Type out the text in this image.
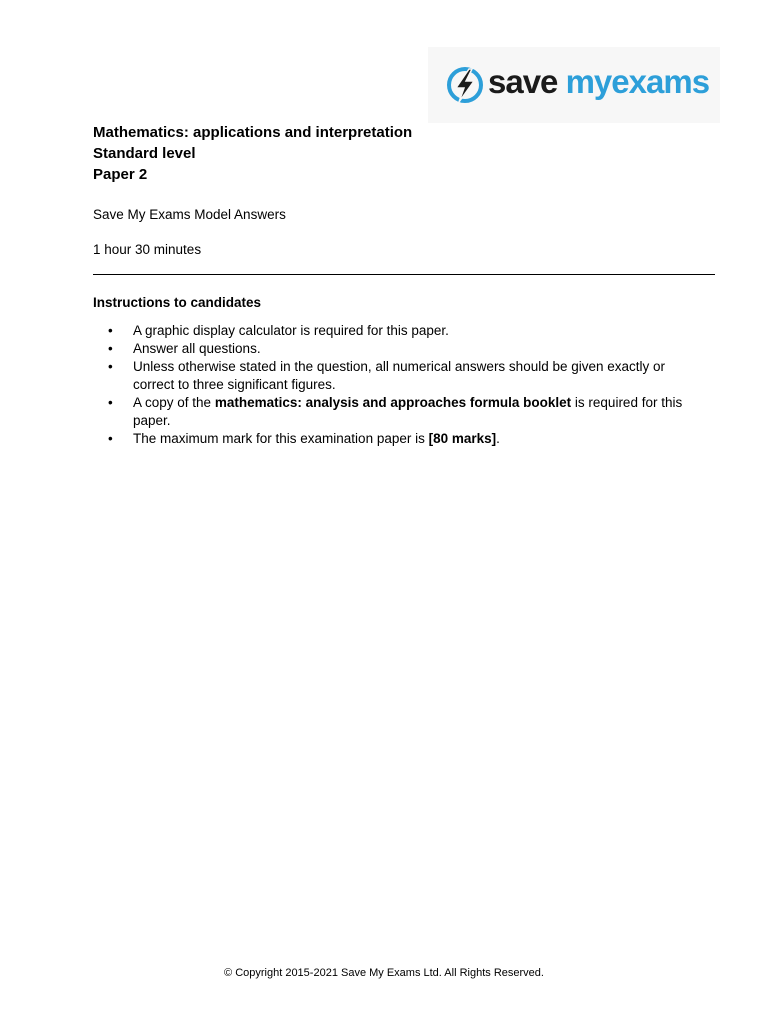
save myexams
Mathematics: applications and interpretation
Standard level
Paper 2
Save My Exams Model Answers
1 hour 30 minutes
Instructions to candidates
• A graphic display calculator is required for this paper.
• Answer all questions.
• Unless otherwise stated in the question, all numerical answers should be given exactly or correct to three significant figures.
• A copy of the mathematics: analysis and approaches formula booklet is required for this paper.
• The maximum mark for this examination paper is [80 marks].
© Copyright 2015-2021 Save My Exams Ltd. All Rights Reserved.
